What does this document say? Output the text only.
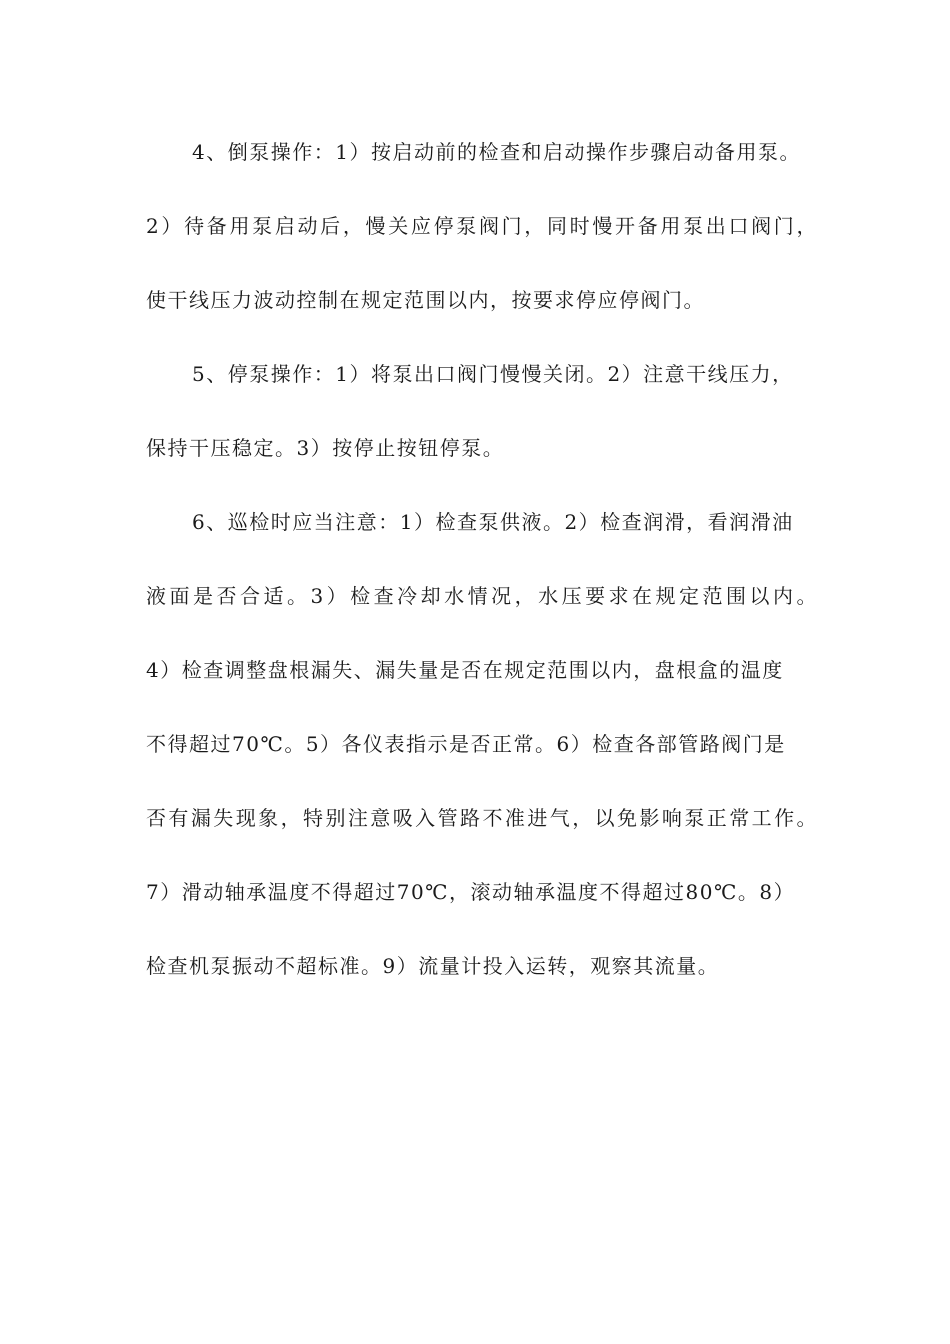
4、倒泵操作：1）按启动前的检查和启动操作步骤启动备用泵。
2）待备用泵启动后，慢关应停泵阀门，同时慢开备用泵出口阀门，
使干线压力波动控制在规定范围以内，按要求停应停阀门。
5、停泵操作：1）将泵出口阀门慢慢关闭。2）注意干线压力，
保持干压稳定。3）按停止按钮停泵。
6、巡检时应当注意：1）检查泵供液。2）检查润滑，看润滑油
液面是否合适。3）检查冷却水情况，水压要求在规定范围以内。
4）检查调整盘根漏失、漏失量是否在规定范围以内，盘根盒的温度
不得超过70℃。5）各仪表指示是否正常。6）检查各部管路阀门是
否有漏失现象，特别注意吸入管路不准进气，以免影响泵正常工作。
7）滑动轴承温度不得超过70℃，滚动轴承温度不得超过80℃。8）
检查机泵振动不超标准。9）流量计投入运转，观察其流量。
